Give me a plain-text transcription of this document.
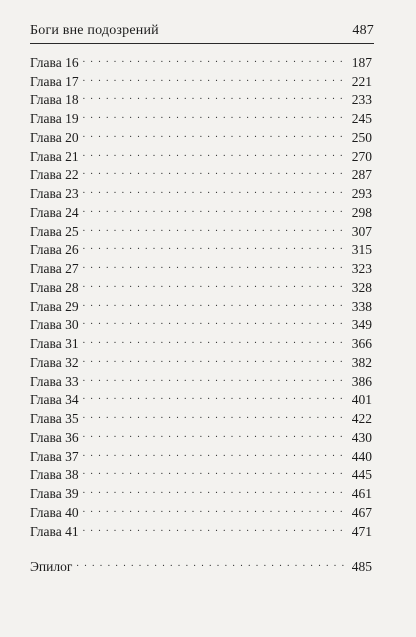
Боги вне подозрений	487
Глава 16 . . .	187
Глава 17 . . .	221
Глава 18 . . .	233
Глава 19 . . .	245
Глава 20 . . .	250
Глава 21 . . .	270
Глава 22 . . .	287
Глава 23 . . .	293
Глава 24 . . .	298
Глава 25 . . .	307
Глава 26 . . .	315
Глава 27 . . .	323
Глава 28 . . .	328
Глава 29 . . .	338
Глава 30 . . .	349
Глава 31 . . .	366
Глава 32 . . .	382
Глава 33 . . .	386
Глава 34 . . .	401
Глава 35 . . .	422
Глава 36 . . .	430
Глава 37 . . .	440
Глава 38 . . .	445
Глава 39 . . .	461
Глава 40 . . .	467
Глава 41 . . .	471
Эпилог . . .	485
